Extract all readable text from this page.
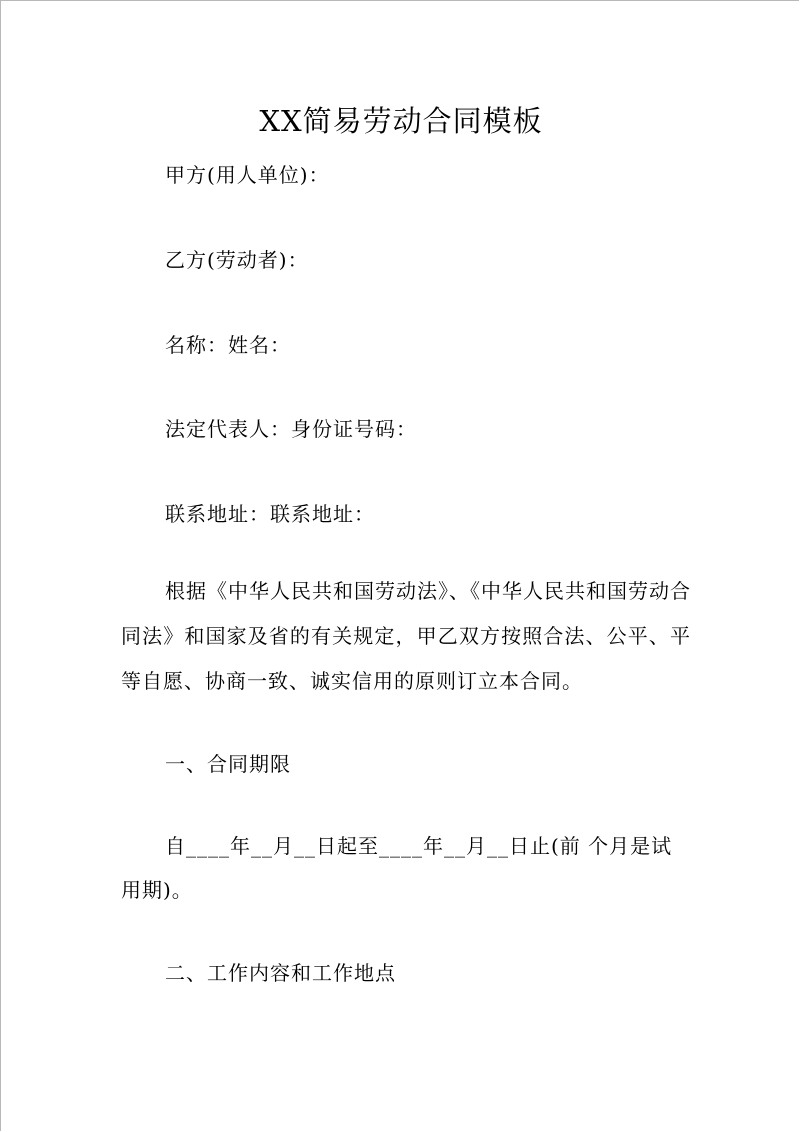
XX简易劳动合同模板
甲方(用人单位)：
乙方(劳动者)：
名称：姓名：
法定代表人：身份证号码：
联系地址：联系地址：
根据《中华人民共和国劳动法》、《中华人民共和国劳动合同法》和国家及省的有关规定，甲乙双方按照合法、公平、平等自愿、协商一致、诚实信用的原则订立本合同。
一、合同期限
自____年__月__日起至____年__月__日止(前 个月是试用期)。
二、工作内容和工作地点
